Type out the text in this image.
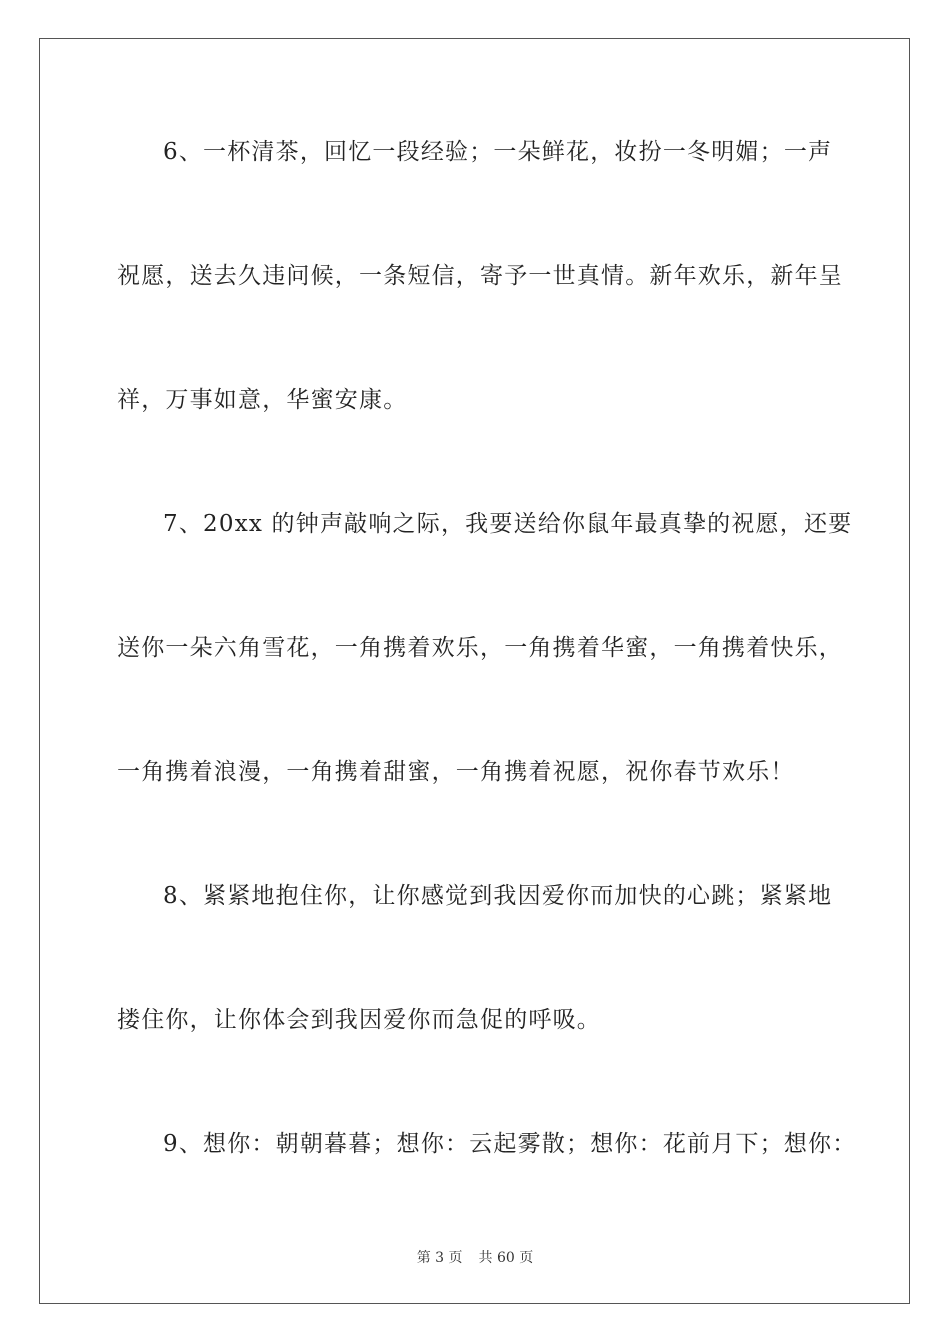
6、一杯清茶，回忆一段经验；一朵鲜花，妆扮一冬明媚；一声
祝愿，送去久违问候，一条短信，寄予一世真情。新年欢乐，新年呈
祥，万事如意，华蜜安康。
7、20xx 的钟声敲响之际，我要送给你鼠年最真挚的祝愿，还要
送你一朵六角雪花，一角携着欢乐，一角携着华蜜，一角携着快乐，
一角携着浪漫，一角携着甜蜜，一角携着祝愿，祝你春节欢乐！
8、紧紧地抱住你，让你感觉到我因爱你而加快的心跳；紧紧地
搂住你，让你体会到我因爱你而急促的呼吸。
9、想你：朝朝暮暮；想你：云起雾散；想你：花前月下；想你：
第 3 页 共 60 页
